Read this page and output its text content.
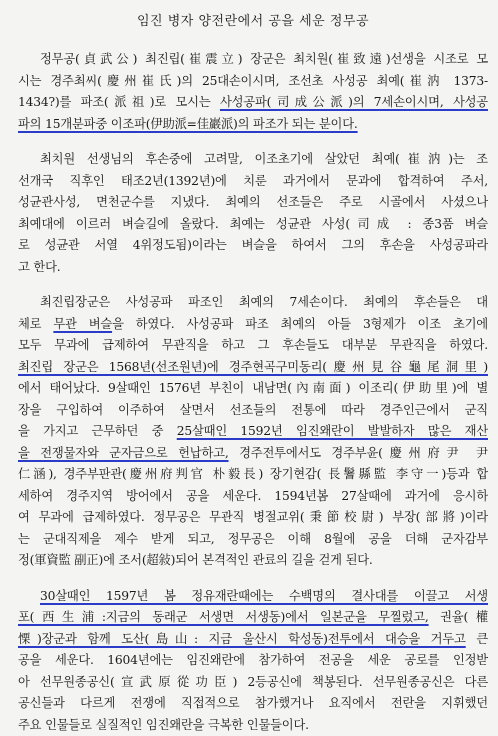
임진 병자 양전란에서 공을 세운 정무공
정무공(貞武公) 최진립(崔震立) 장군은 최치원(崔致遠)선생을 시조로 모
시는 경주최씨(慶州崔氏)의 25대손이시며, 조선초 사성공 최예(崔汭 1373-
1434?)를 파조(派祖)로 모시는 사성공파(司成公派)의 7세손이시며, 사성공
파의 15개분파중 이조파(伊助派=佳巖派)의 파조가 되는 분이다.
최치원 선생님의 후손중에 고려말, 이조초기에 살았던 최예(崔汭)는 조
선개국 직후인 태조2년(1392년)에 치룬 과거에서 문과에 합격하여 주서,
성균관사성, 면천군수를 지냈다. 최예의 선조들은 주로 시골에서 사셨으나
최예대에 이르러 벼슬길에 올랐다. 최예는 성균관 사성(司成 : 종3품 벼슬
로 성균관 서열 4위정도됨)이라는 벼슬을 하여서 그의 후손을 사성공파라
고 한다.
최진립장군은 사성공파 파조인 최예의 7세손이다. 최예의 후손들은 대
체로 무관 벼슬을 하였다. 사성공파 파조 최예의 아들 3형제가 이조 초기에
모두 무과에 급제하여 무관직을 하고 그 후손들도 대부분 무관직을 하였다.
최진립 장군은 1568년(선조원년)에 경주현곡구미동리(慶州見谷龜尾洞里)
에서 태어났다. 9살때인 1576년 부친이 내남면(內南面) 이조리(伊助里)에 별
장을 구입하여 이주하여 살면서 선조들의 전통에 따라 경주인근에서 군직
을 가지고 근무하던 중 25살때인 1592년 임진왜란이 발발하자 많은 재산
을 전쟁물자와 군자금으로 헌납하고, 경주전투에서도 경주부윤(慶州府尹 尹
仁涵), 경주부판관(慶州府判官 朴毅長) 장기현감( 長鬐縣監 李守一)등과 합
세하여 경주지역 방어에서 공을 세운다. 1594년봄 27살때에 과거에 응시하
여 무과에 급제하였다. 정무공은 무관직 병절교위(秉節校尉) 부장(部將)이라
는 군대직제을 제수 받게 되고, 정무공은 이해 8월에 공을 더해 군자감부
정(軍資監 副正)에 조서(超敍)되어 본격적인 관료의 길을 걷게 된다.
30살때인 1597년 봄 정유재란때에는 수백명의 결사대를 이끌고 서생
포(西生浦:지금의 동래군 서생면 서생동)에서 일본군을 무찔렀고, 권율(權
慄)장군과 함께 도산(島山: 지금 울산시 학성동)전투에서 대승을 거두고 큰
공을 세운다. 1604년에는 임진왜란에 참가하여 전공을 세운 공로를 인정받
아 선무원종공신(宣武原從功臣) 2등공신에 책봉된다. 선무원종공신은 다른
공신들과 다르게 전쟁에 직접적으로 참가했거나 요직에서 전란을 지휘했던
주요 인물들로 실질적인 임진왜란을 극복한 인물들이다.
